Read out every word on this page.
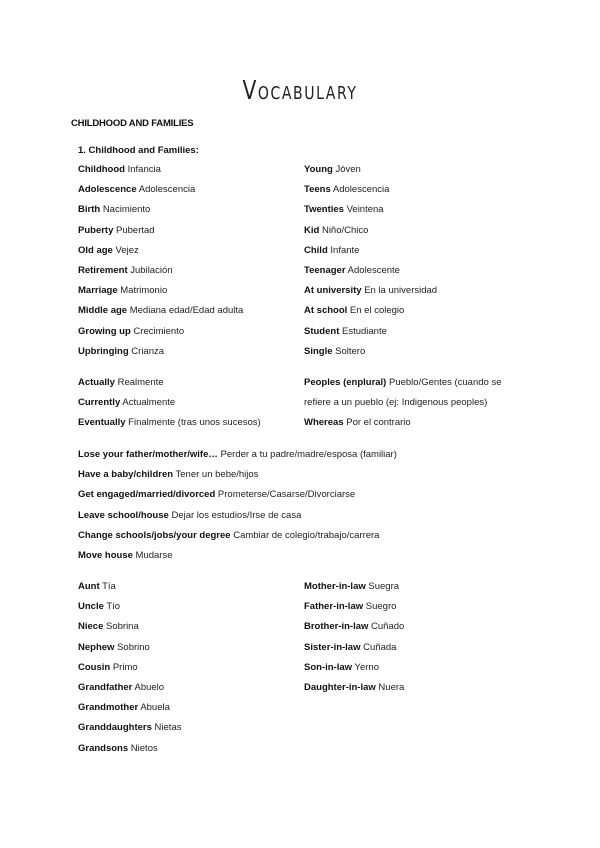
Vocabulary
CHILDHOOD AND FAMILIES
1. Childhood and Families:
Childhood Infancia
Adolescence Adolescencia
Birth Nacimiento
Puberty Pubertad
Old age Vejez
Retirement Jubilación
Marriage Matrimonio
Middle age Mediana edad/Edad adulta
Growing up Crecimiento
Upbringing Crianza
Young Jóven
Teens Adolescencia
Twenties Veintena
Kid Niño/Chico
Child Infante
Teenager Adolescente
At university En la universidad
At school En el colegio
Student Estudiante
Single Soltero
Actually Realmente
Currently Actualmente
Eventually Finalmente (tras unos sucesos)
Peoples (enplural) Pueblo/Gentes (cuando se
refiere a un pueblo (ej: Indigenous peoples)
Whereas Por el contrario
Lose your father/mother/wife… Perder a tu padre/madre/esposa (familiar)
Have a baby/children Tener un bebe/hijos
Get engaged/married/divorced Prometerse/Casarse/Divorciarse
Leave school/house Dejar los estudios/Irse de casa
Change schools/jobs/your degree Cambiar de colegio/trabajo/carrera
Move house Mudarse
Aunt Tía
Uncle Tío
Niece Sobrina
Nephew Sobrino
Cousin Primo
Grandfather Abuelo
Grandmother Abuela
Granddaughters Nietas
Grandsons Nietos
Mother-in-law Suegra
Father-in-law Suegro
Brother-in-law Cuñado
Sister-in-law Cuñada
Son-in-law Yerno
Daughter-in-law Nuera
